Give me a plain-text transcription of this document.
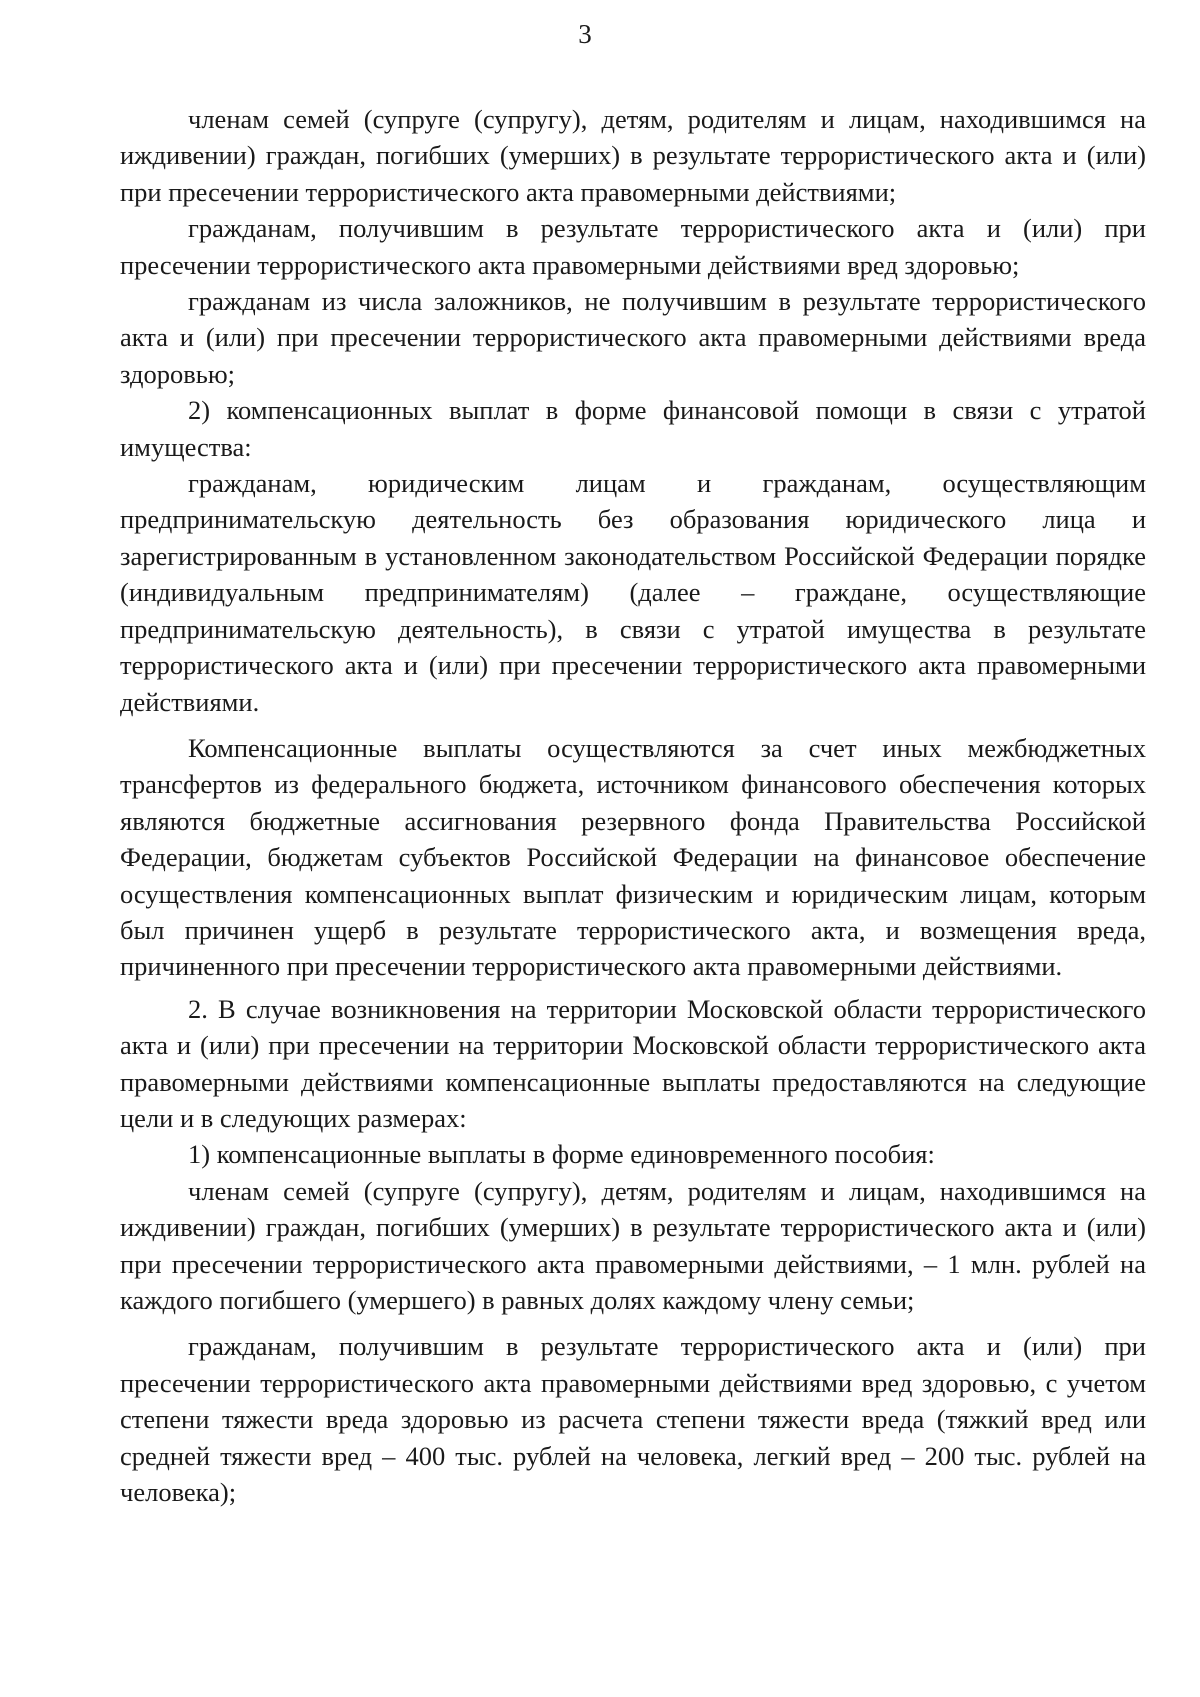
3

членам семей (супруге (супругу), детям, родителям и лицам, находившимся на иждивении) граждан, погибших (умерших) в результате террористического акта и (или) при пресечении террористического акта правомерными действиями;

гражданам, получившим в результате террористического акта и (или) при пресечении террористического акта правомерными действиями вред здоровью;

гражданам из числа заложников, не получившим в результате террористического акта и (или) при пресечении террористического акта правомерными действиями вреда здоровью;

2) компенсационных выплат в форме финансовой помощи в связи с утратой имущества:

гражданам, юридическим лицам и гражданам, осуществляющим предпринимательскую деятельность без образования юридического лица и зарегистрированным в установленном законодательством Российской Федерации порядке (индивидуальным предпринимателям) (далее – граждане, осуществляющие предпринимательскую деятельность), в связи с утратой имущества в результате террористического акта и (или) при пресечении террористического акта правомерными действиями.

Компенсационные выплаты осуществляются за счет иных межбюджетных трансфертов из федерального бюджета, источником финансового обеспечения которых являются бюджетные ассигнования резервного фонда Правительства Российской Федерации, бюджетам субъектов Российской Федерации на финансовое обеспечение осуществления компенсационных выплат физическим и юридическим лицам, которым был причинен ущерб в результате террористического акта, и возмещения вреда, причиненного при пресечении террористического акта правомерными действиями.

2. В случае возникновения на территории Московской области террористического акта и (или) при пресечении на территории Московской области террористического акта правомерными действиями компенсационные выплаты предоставляются на следующие цели и в следующих размерах:

1) компенсационные выплаты в форме единовременного пособия:

членам семей (супруге (супругу), детям, родителям и лицам, находившимся на иждивении) граждан, погибших (умерших) в результате террористического акта и (или) при пресечении террористического акта правомерными действиями, – 1 млн. рублей на каждого погибшего (умершего) в равных долях каждому члену семьи;

гражданам, получившим в результате террористического акта и (или) при пресечении террористического акта правомерными действиями вред здоровью, с учетом степени тяжести вреда здоровью из расчета степени тяжести вреда (тяжкий вред или средней тяжести вред – 400 тыс. рублей на человека, легкий вред – 200 тыс. рублей на человека);
